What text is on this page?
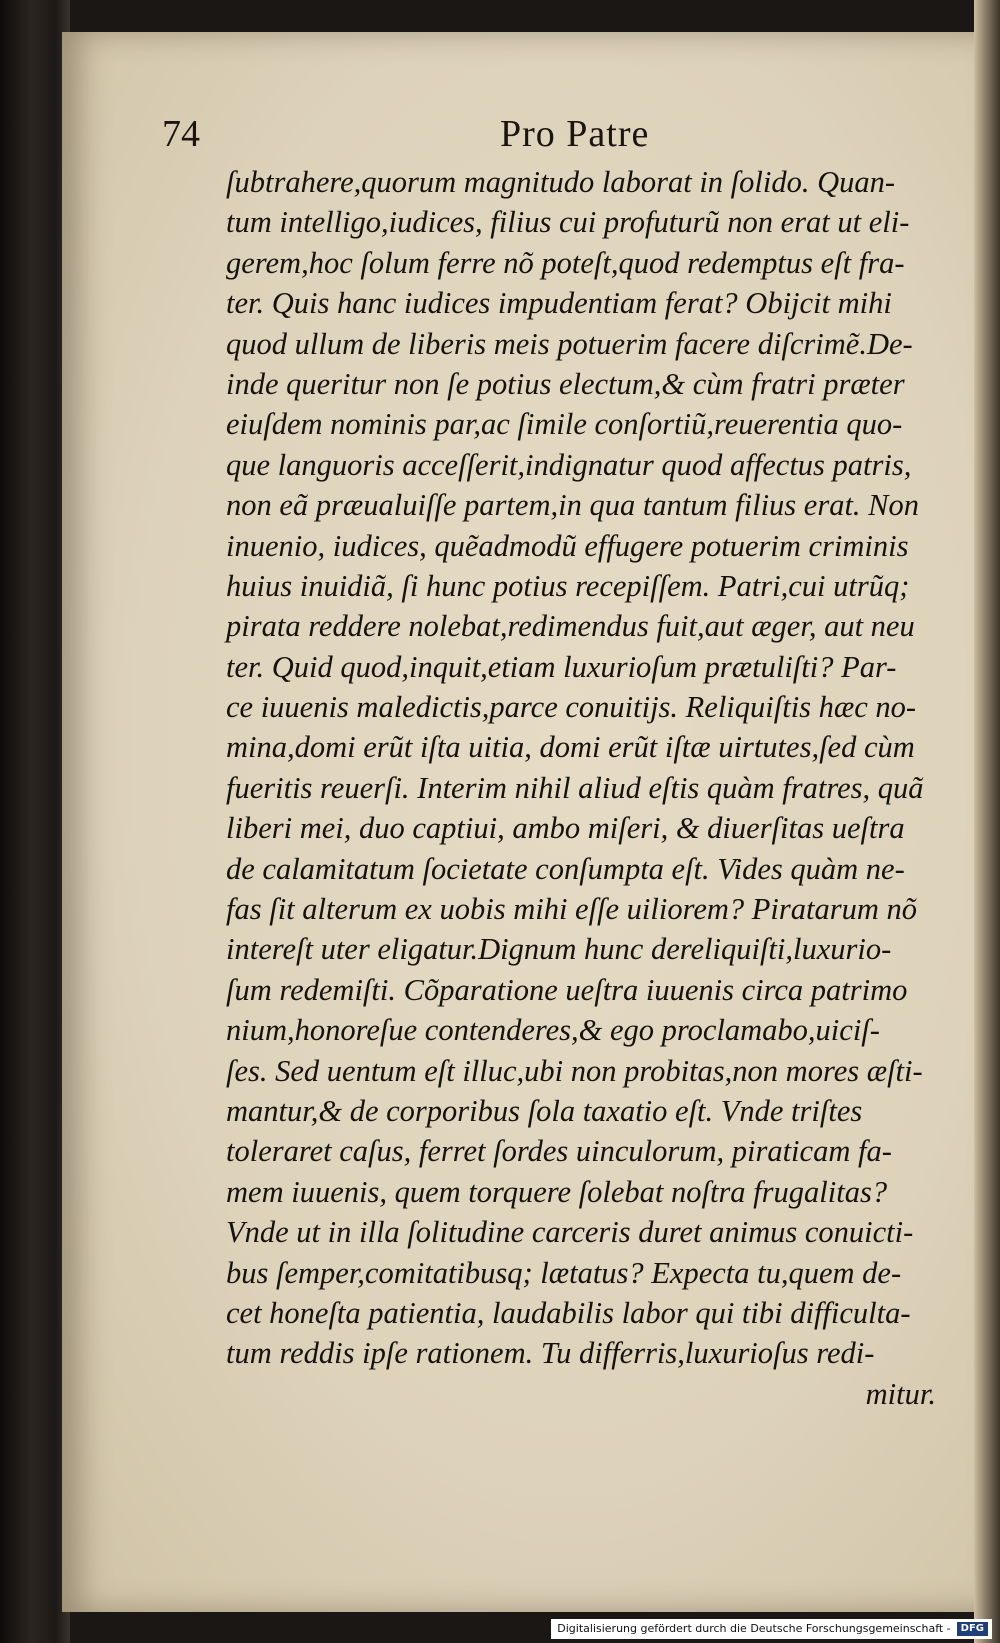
74	Pro Patre
ſubtrahere,quorum magnitudo laborat in ſolido. Quan-
tum intelligo,iudices, filius cui profuturũ non erat ut eli-
gerem,hoc ſolum ferre nõ poteſt,quod redemptus eſt fra-
ter. Quis hanc iudices impudentiam ferat? Obijcit mihi
quod ullum de liberis meis potuerim facere diſcrimẽ.De-
inde queritur non ſe potius electum,& cùm fratri præter
eiuſdem nominis par,ac ſimile conſortiũ,reuerentia quo-
que languoris acceſſerit,indignatur quod affectus patris,
non eã præualuiſſe partem,in qua tantum filius erat. Non
inuenio, iudices, quẽadmodũ effugere potuerim criminis
huius inuidiã, ſi hunc potius recepiſſem. Patri,cui utrũq;
pirata reddere nolebat,redimendus fuit,aut æger, aut neu
ter. Quid quod,inquit,etiam luxurioſum prætuliſti? Par-
ce iuuenis maledictis,parce conuitijs. Reliquiſtis hæc no-
mina,domi erũt iſta uitia, domi erũt iſtæ uirtutes,ſed cùm
fueritis reuerſi. Interim nihil aliud eſtis quàm fratres, quã
liberi mei, duo captiui, ambo miſeri, & diuerſitas ueſtra
de calamitatum ſocietate conſumpta eſt. Vides quàm ne-
fas ſit alterum ex uobis mihi eſſe uiliorem? Piratarum nõ
intereſt uter eligatur.Dignum hunc dereliquiſti,luxurio-
ſum redemiſti. Cõparatione ueſtra iuuenis circa patrimo
nium,honoreſue contenderes,& ego proclamabo,uiciſ-
ſes. Sed uentum eſt illuc,ubi non probitas,non mores æſti-
mantur,& de corporibus ſola taxatio eſt. Vnde triſtes
toleraret caſus, ferret ſordes uinculorum, piraticam fa-
mem iuuenis, quem torquere ſolebat noſtra frugalitas?
Vnde ut in illa ſolitudine carceris duret animus conuicti-
bus ſemper,comitatibusq; lætatus? Expecta tu,quem de-
cet honeſta patientia, laudabilis labor qui tibi difficulta-
tum reddis ipſe rationem. Tu differris,luxurioſus redi-
mitur.
Digitalisierung gefördert durch die Deutsche Forschungsgemeinschaft -	DFG
